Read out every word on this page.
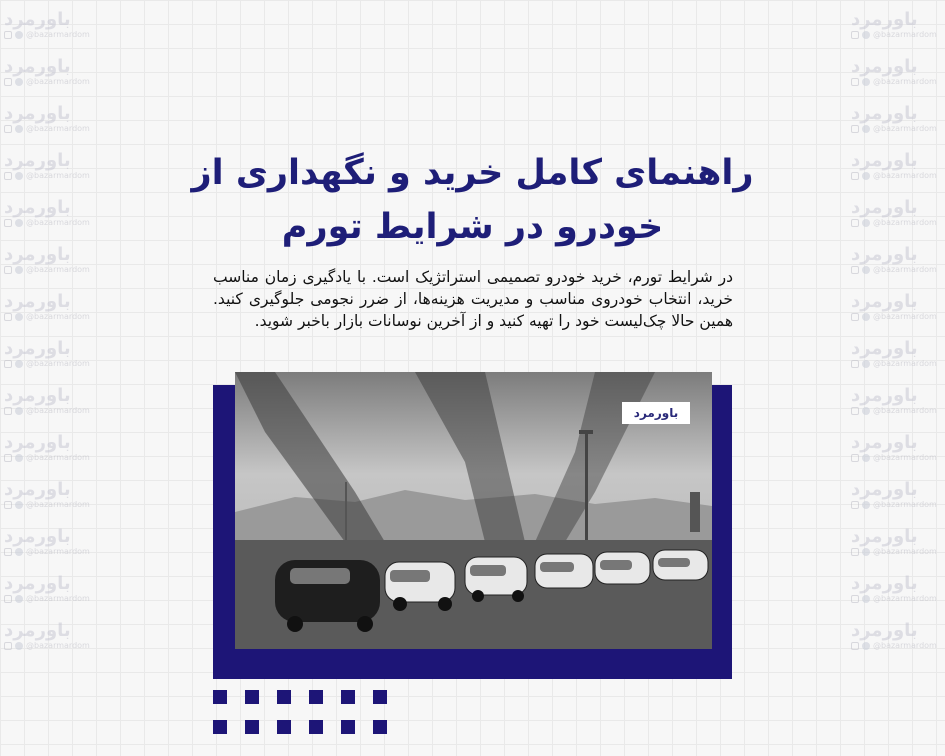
باورمرد
@bazarmardom
باورمرد
@bazarmardom
باورمرد
@bazarmardom
باورمرد
@bazarmardom
باورمرد
@bazarmardom
باورمرد
@bazarmardom
باورمرد
@bazarmardom
باورمرد
@bazarmardom
باورمرد
@bazarmardom
باورمرد
@bazarmardom
باورمرد
@bazarmardom
باورمرد
@bazarmardom
باورمرد
@bazarmardom
باورمرد
@bazarmardom
باورمرد
@bazarmardom
باورمرد
@bazarmardom
باورمرد
@bazarmardom
باورمرد
@bazarmardom
باورمرد
@bazarmardom
باورمرد
@bazarmardom
باورمرد
@bazarmardom
باورمرد
@bazarmardom
باورمرد
@bazarmardom
باورمرد
@bazarmardom
باورمرد
@bazarmardom
باورمرد
@bazarmardom
باورمرد
@bazarmardom
باورمرد
@bazarmardom
راهنمای کامل خرید و نگهداری از
خودرو در شرایط تورم
در شرایط تورم، خرید خودرو تصمیمی استراتژیک است. با یادگیری زمان مناسب خرید، انتخاب خودروی مناسب و مدیریت هزینه‌ها، از ضرر نجومی جلوگیری کنید. همین حالا چک‌لیست خود را تهیه کنید و از آخرین نوسانات بازار باخبر شوید.
باورمرد
